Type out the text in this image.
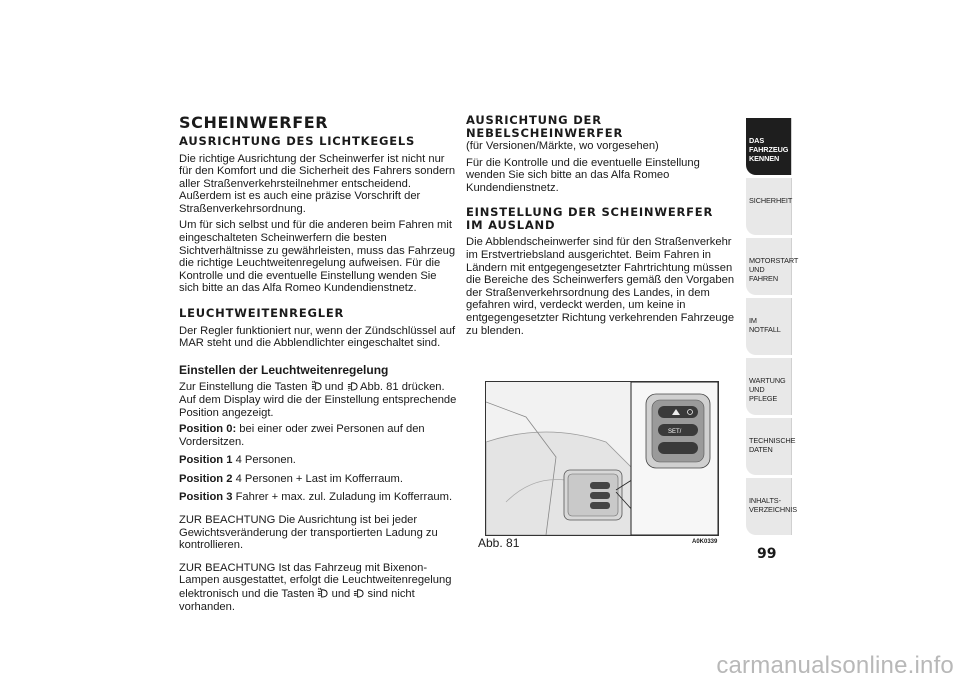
SCHEINWERFER
AUSRICHTUNG DES LICHTKEGELS

Die richtige Ausrichtung der Scheinwerfer ist nicht nur für den Komfort und die Sicherheit des Fahrers sondern aller Straßenverkehrsteilnehmer entscheidend. Außerdem ist es auch eine präzise Vorschrift der Straßenverkehrsordnung.

Um für sich selbst und für die anderen beim Fahren mit eingeschalteten Scheinwerfern die besten Sichtverhältnisse zu gewährleisten, muss das Fahrzeug die richtige Leuchtweitenregelung aufweisen. Für die Kontrolle und die eventuelle Einstellung wenden Sie sich bitte an das Alfa Romeo Kundendienstnetz.

LEUCHTWEITENREGLER

Der Regler funktioniert nur, wenn der Zündschlüssel auf MAR steht und die Abblendlichter eingeschaltet sind.

Einstellen der Leuchtweitenregelung

Zur Einstellung die Tasten und Abb. 81 drücken. Auf dem Display wird die der Einstellung entsprechende Position angezeigt.

Position 0: bei einer oder zwei Personen auf den Vordersitzen.

Position 1 4 Personen.

Position 2 4 Personen + Last im Kofferraum.

Position 3 Fahrer + max. zul. Zuladung im Kofferraum.

ZUR BEACHTUNG Die Ausrichtung ist bei jeder Gewichtsveränderung der transportierten Ladung zu kontrollieren.

ZUR BEACHTUNG Ist das Fahrzeug mit Bixenon-Lampen ausgestattet, erfolgt die Leuchtweitenregelung elektronisch und die Tasten und sind nicht vorhanden.

AUSRICHTUNG DER
NEBELSCHEINWERFER

(für Versionen/Märkte, wo vorgesehen)

Für die Kontrolle und die eventuelle Einstellung wenden Sie sich bitte an das Alfa Romeo Kundendienstnetz.

EINSTELLUNG DER SCHEINWERFER
IM AUSLAND

Die Abblendscheinwerfer sind für den Straßenverkehr im Erstvertriebsland ausgerichtet. Beim Fahren in Ländern mit entgegengesetzter Fahrtrichtung müssen die Bereiche des Scheinwerfers gemäß den Vorgaben der Straßenverkehrsordnung des Landes, in dem gefahren wird, verdeckt werden, um keine in entgegengesetzter Richtung verkehrenden Fahrzeuge zu blenden.

SET/
Abb. 81	A0K0339
DAS FAHRZEUG KENNEN
SICHERHEIT
MOTORSTART UND FAHREN
IM NOTFALL
WARTUNG UND PFLEGE
TECHNISCHE DATEN
INHALTS-VERZEICHNIS
99
carmanualsonline.info
